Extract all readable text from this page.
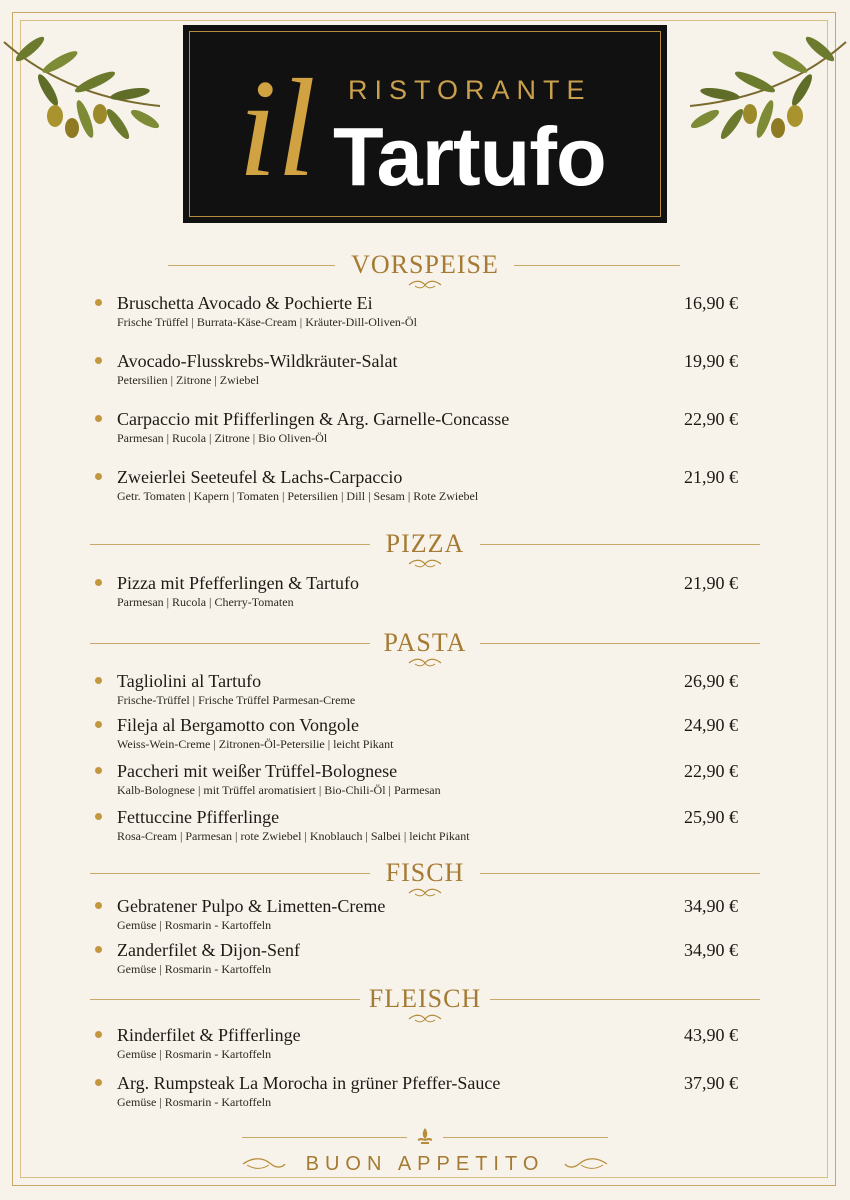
RISTORANTE
il Tartufo
VORSPEISE
Bruschetta Avocado & Pochierte Ei
Frische Trüffel | Burrata-Käse-Cream | Kräuter-Dill-Oliven-Öl
16,90 €
Avocado-Flusskrebs-Wildkräuter-Salat
Petersilien | Zitrone | Zwiebel
19,90 €
Carpaccio mit Pfifferlingen & Arg. Garnelle-Concasse
Parmesan | Rucola | Zitrone | Bio Oliven-Öl
22,90 €
Zweierlei Seeteufel & Lachs-Carpaccio
Getr. Tomaten | Kapern | Tomaten | Petersilien | Dill | Sesam | Rote Zwiebel
21,90 €
PIZZA
Pizza mit Pfefferlingen & Tartufo
Parmesan | Rucola | Cherry-Tomaten
21,90 €
PASTA
Tagliolini al Tartufo
Frische-Trüffel | Frische Trüffel Parmesan-Creme
26,90 €
Fileja al Bergamotto con Vongole
Weiss-Wein-Creme | Zitronen-Öl-Petersilie | leicht Pikant
24,90 €
Paccheri mit weißer Trüffel-Bolognese
Kalb-Bolognese | mit Trüffel aromatisiert | Bio-Chili-Öl | Parmesan
22,90 €
Fettuccine Pfifferlinge
Rosa-Cream | Parmesan | rote Zwiebel | Knoblauch | Salbei | leicht Pikant
25,90 €
FISCH
Gebratener Pulpo & Limetten-Creme
Gemüse | Rosmarin - Kartoffeln
34,90 €
Zanderfilet & Dijon-Senf
Gemüse | Rosmarin - Kartoffeln
34,90 €
FLEISCH
Rinderfilet & Pfifferlinge
Gemüse | Rosmarin - Kartoffeln
43,90 €
Arg. Rumpsteak La Morocha in grüner Pfeffer-Sauce
Gemüse | Rosmarin - Kartoffeln
37,90 €
BUON APPETITO
